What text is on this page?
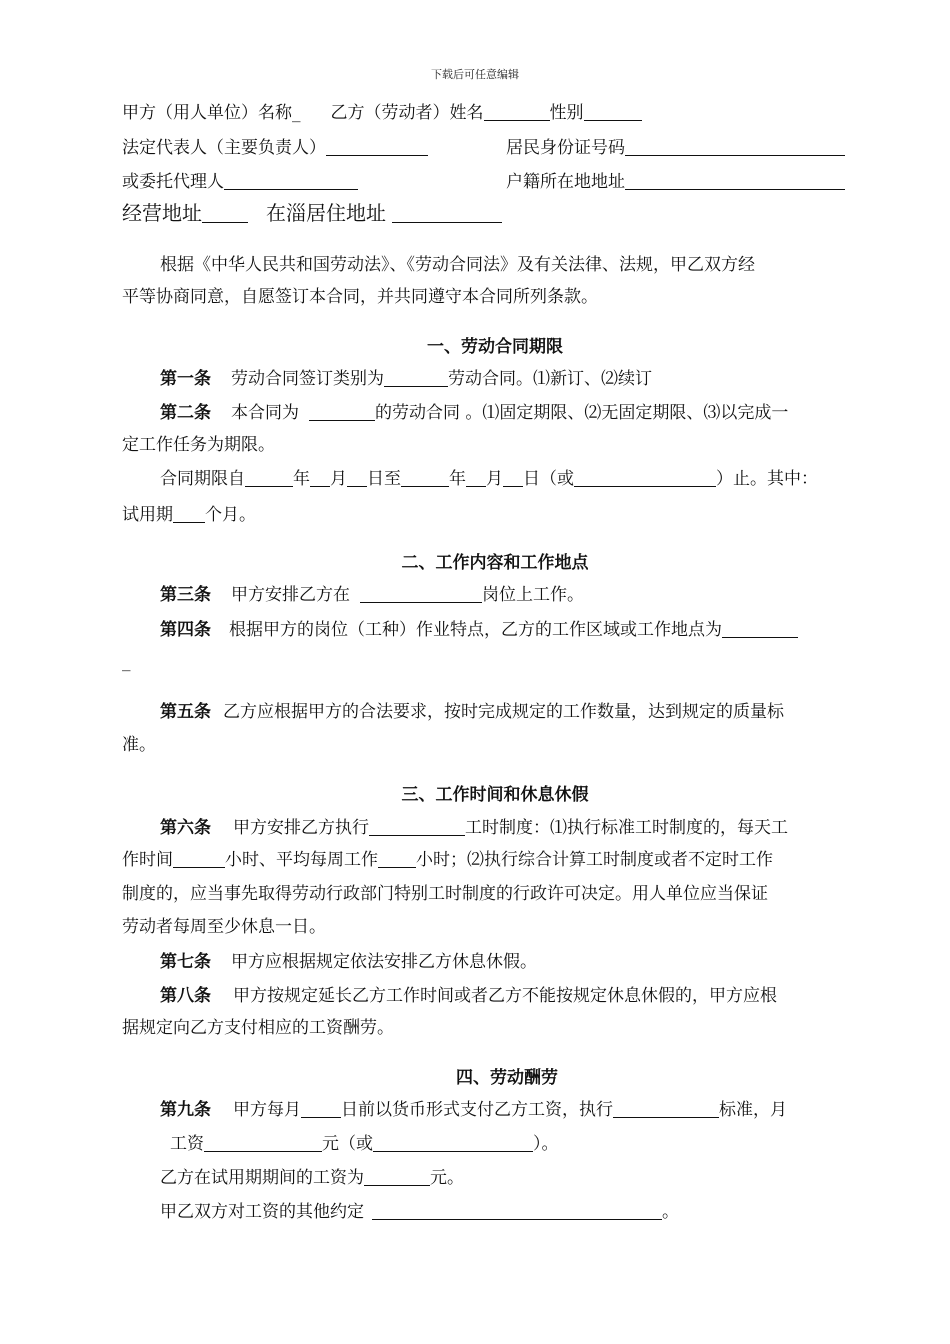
下载后可任意编辑
甲方（用人单位）名称_ 乙方（劳动者）姓名	性别
法定代表人（主要负责人）	居民身份证号码
或委托代理人	户籍所在地地址
经营地址	在淄居住地址
根据《中华人民共和国劳动法》、《劳动合同法》及有关法律、法规，甲乙双方经
平等协商同意，自愿签订本合同，并共同遵守本合同所列条款。
一、劳动合同期限
第一条 劳动合同签订类别为	劳动合同。⑴新订、⑵续订
第二条 本合同为	的劳动合同 。⑴固定期限、⑵无固定期限、⑶以完成一
定工作任务为期限。
合同期限自	年 月 日至	年 月 日（或	）止。其中：
试用期 个月。
二、工作内容和工作地点
第三条 甲方安排乙方在	岗位上工作。
第四条 根据甲方的岗位（工种）作业特点，乙方的工作区域或工作地点为
_
第五条 乙方应根据甲方的合法要求，按时完成规定的工作数量，达到规定的质量标
准。
三、工作时间和休息休假
第六条 甲方安排乙方执行	工时制度：⑴执行标准工时制度的，每天工
作时间	小时、平均每周工作 小时；⑵执行综合计算工时制度或者不定时工作
制度的，应当事先取得劳动行政部门特别工时制度的行政许可决定。用人单位应当保证
劳动者每周至少休息一日。
第七条 甲方应根据规定依法安排乙方休息休假。
第八条 甲方按规定延长乙方工作时间或者乙方不能按规定休息休假的，甲方应根
据规定向乙方支付相应的工资酬劳。
四、劳动酬劳
第九条 甲方每月 日前以货币形式支付乙方工资，执行	标准，月
工资	元（或	）。
乙方在试用期期间的工资为	元。
甲乙双方对工资的其他约定	。
